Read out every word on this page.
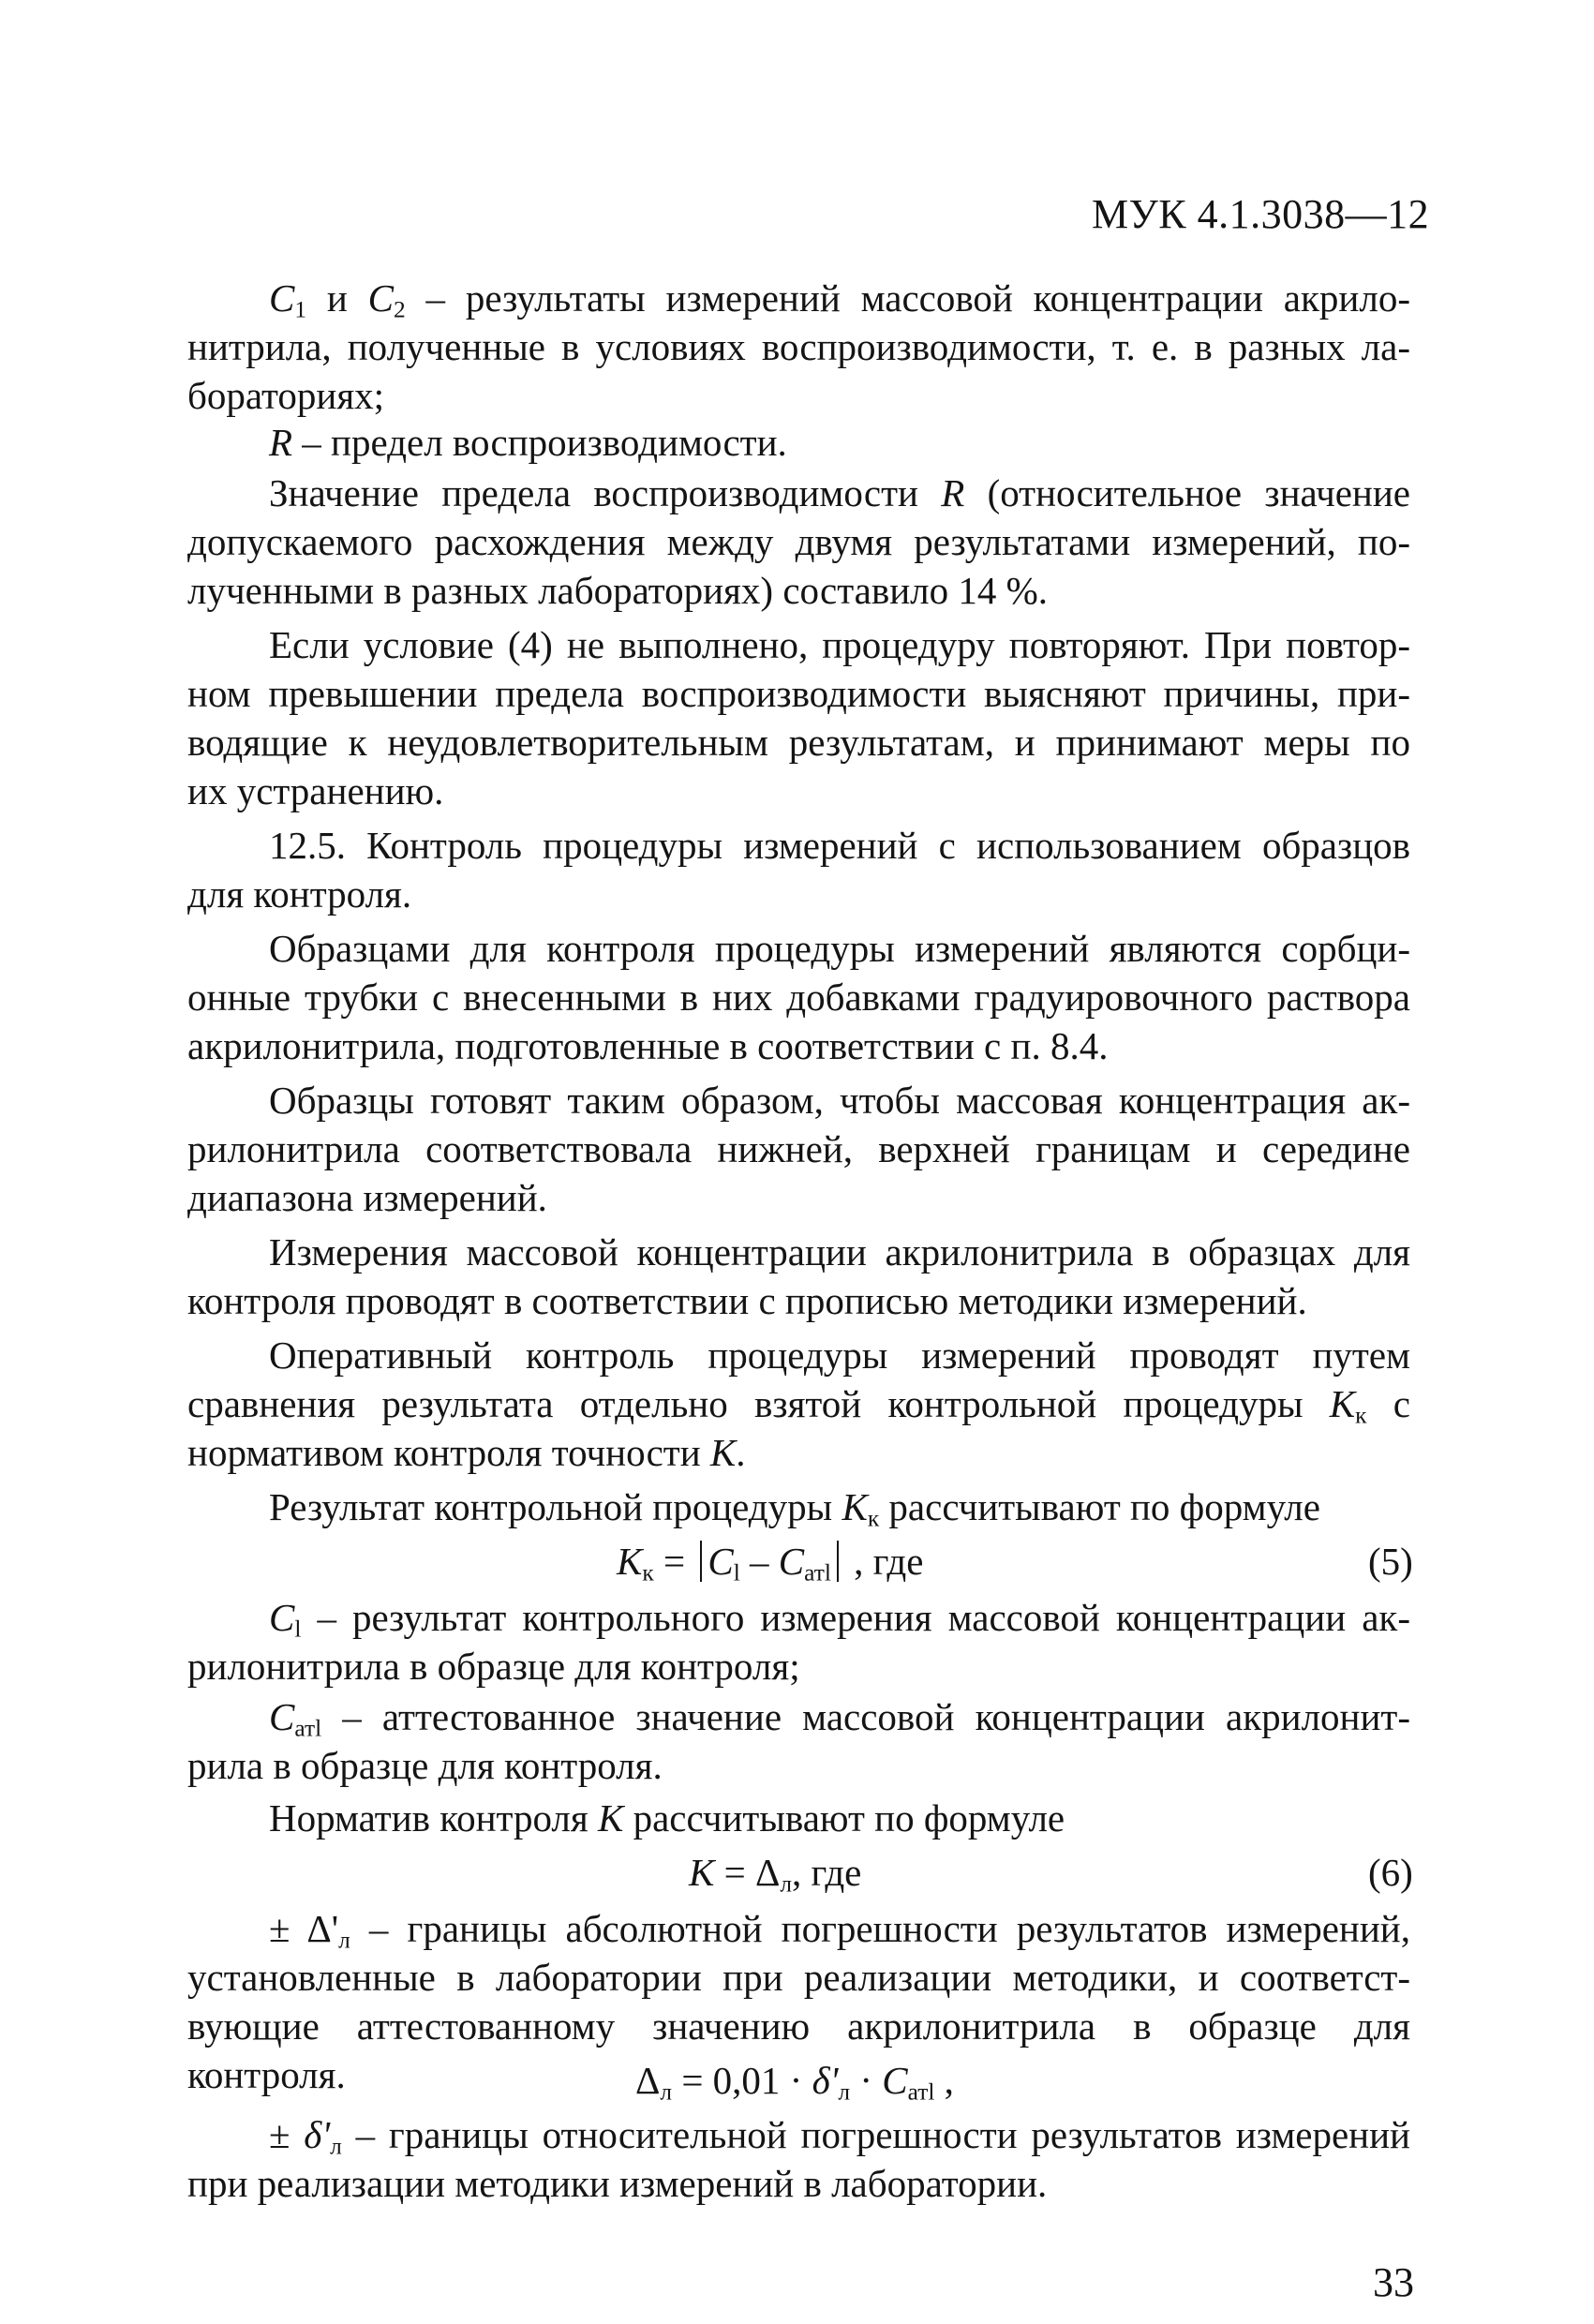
МУК 4.1.3038—12

$C_1$ и $C_2$ – результаты измерений массовой концентрации акрило-
нитрила, полученные в условиях воспроизводимости, т. е. в разных ла-

бораториях;

R – предел воспроизводимости.

Значение предела воспроизводимости R (относительное значение
допускаемого расхождения между двумя результатами измерений, по-

лученными в разных лабораториях) составило 14 %.

Если условие (4) не выполнено, процедуру повторяют. При повтор-
ном превышении предела воспроизводимости выясняют причины, при-
водящие к неудовлетворительным результатам, и принимают меры по

их устранению.

12.5. Контроль процедуры измерений с использованием образцов

для контроля.

Образцами для контроля процедуры измерений являются сорбци-
онные трубки с внесенными в них добавками градуировочного раствора

акрилонитрила, подготовленные в соответствии с п. 8.4.

Образцы готовят таким образом, чтобы массовая концентрация ак-
рилонитрила соответствовала нижней, верхней границам и середине

диапазона измерений.

Измерения массовой концентрации акрилонитрила в образцах для

контроля проводят в соответствии с прописью методики измерений.

Оперативный контроль процедуры измерений проводят путем
сравнения результата отдельно взятой контрольной процедуры $K_к$ с

нормативом контроля точности K.

Результат контрольной процедуры $K_к$ рассчитывают по формуле

$K_к = C_l - C_{атl}$ , где	(5)

$C_l$ – результат контрольного измерения массовой концентрации ак-

рилонитрила в образце для контроля;

$C_{атl}$ – аттестованное значение массовой концентрации акрилонит-

рила в образце для контроля.

Норматив контроля K рассчитывают по формуле

$K = \Delta_л$, где	(6)

± $\Delta'_л$ – границы абсолютной погрешности результатов измерений,
установленные в лаборатории при реализации методики, и соответст-

вующие аттестованному значению акрилонитрила в образце для контроля.	$\Delta_л = 0,01 \cdot \delta'_л \cdot C_{атl}$ ,

± $\delta'_л$ – границы относительной погрешности результатов измерений

при реализации методики измерений в лаборатории.

33
